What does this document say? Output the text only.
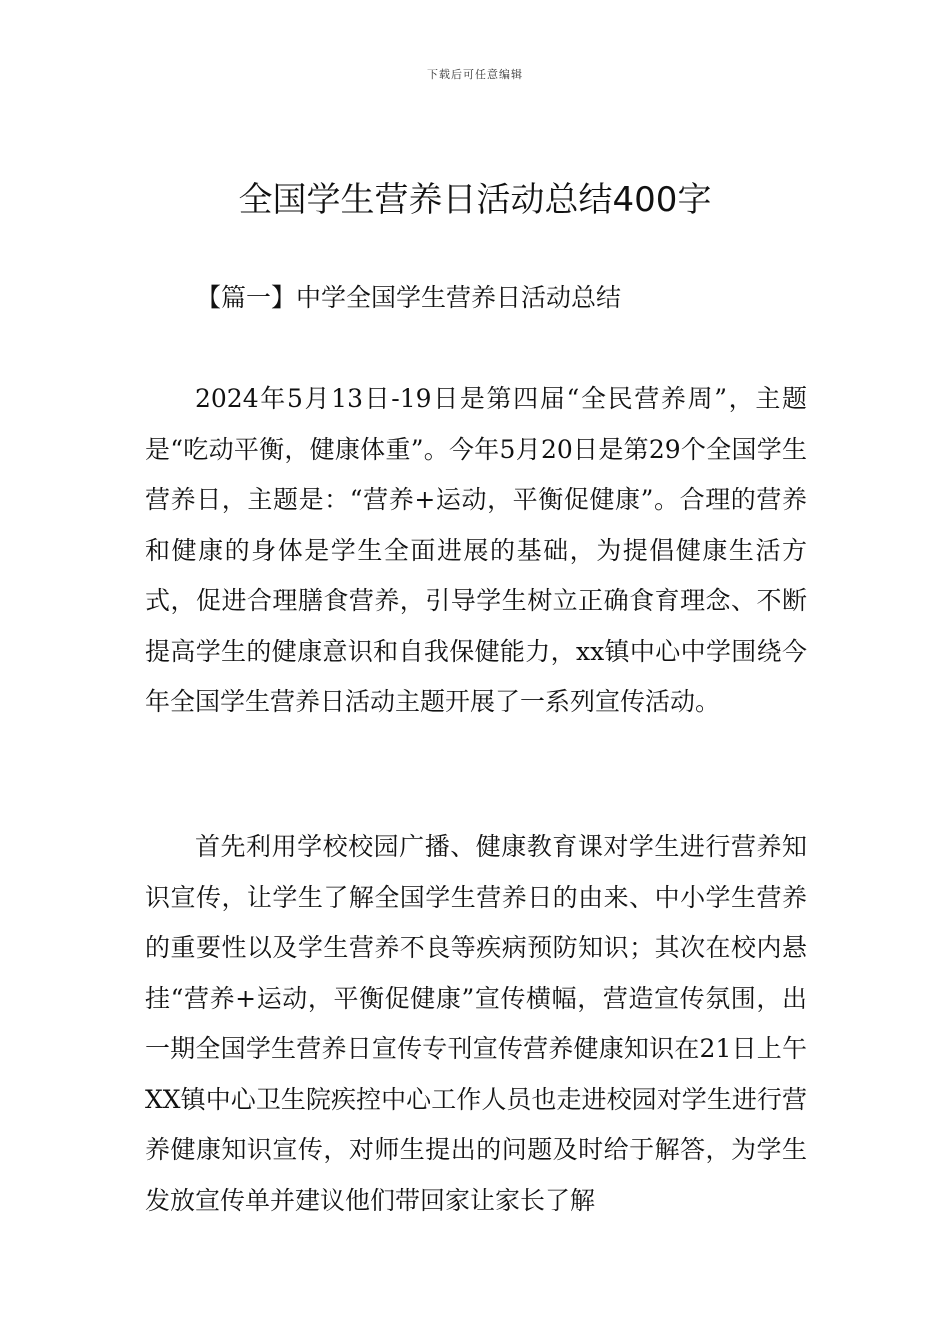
下载后可任意编辑
全国学生营养日活动总结400字
【篇一】中学全国学生营养日活动总结

2024年5月13日-19日是第四届“全民营养周”，主题是“吃动平衡，健康体重”。今年5月20日是第29个全国学生营养日，主题是：“营养+运动，平衡促健康”。合理的营养和健康的身体是学生全面进展的基础，为提倡健康生活方式，促进合理膳食营养，引导学生树立正确食育理念、不断提高学生的健康意识和自我保健能力，xx镇中心中学围绕今年全国学生营养日活动主题开展了一系列宣传活动。

首先利用学校校园广播、健康教育课对学生进行营养知识宣传，让学生了解全国学生营养日的由来、中小学生营养的重要性以及学生营养不良等疾病预防知识；其次在校内悬挂“营养+运动，平衡促健康”宣传横幅，营造宣传氛围，出一期全国学生营养日宣传专刊宣传营养健康知识在21日上午XX镇中心卫生院疾控中心工作人员也走进校园对学生进行营养健康知识宣传，对师生提出的问题及时给于解答，为学生发放宣传单并建议他们带回家让家长了解
